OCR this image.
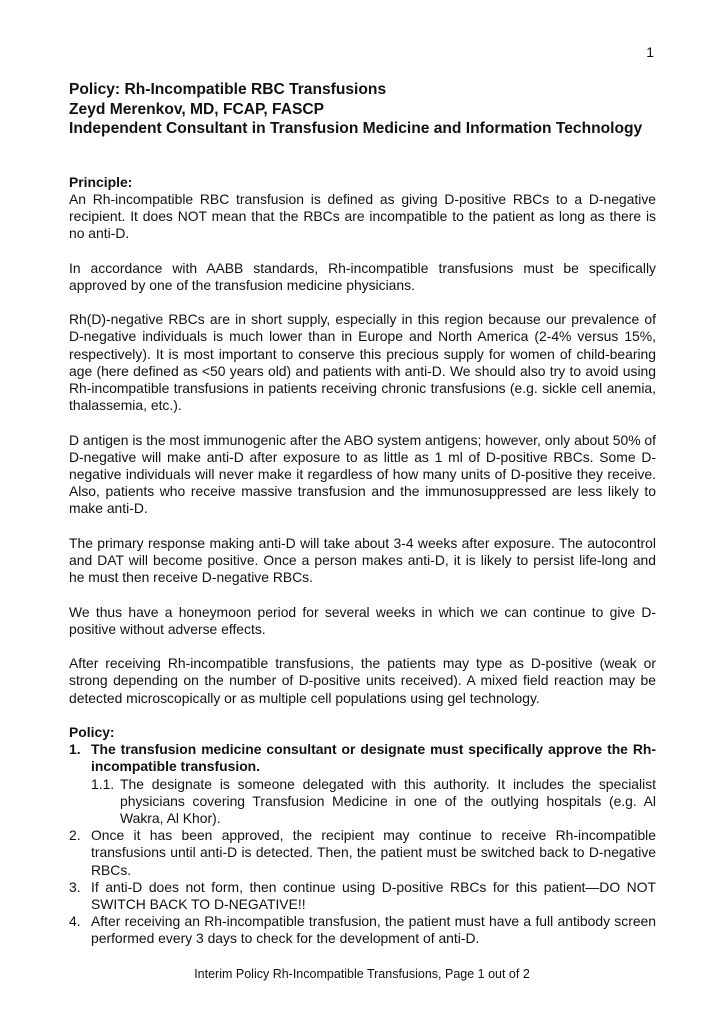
1
Policy: Rh-Incompatible RBC Transfusions
Zeyd Merenkov, MD, FCAP, FASCP
Independent Consultant in Transfusion Medicine and Information Technology
Principle:

An Rh-incompatible RBC transfusion is defined as giving D-positive RBCs to a D-negative recipient. It does NOT mean that the RBCs are incompatible to the patient as long as there is no anti-D.

In accordance with AABB standards, Rh-incompatible transfusions must be specifically approved by one of the transfusion medicine physicians.

Rh(D)-negative RBCs are in short supply, especially in this region because our prevalence of D-negative individuals is much lower than in Europe and North America (2-4% versus 15%, respectively). It is most important to conserve this precious supply for women of child-bearing age (here defined as <50 years old) and patients with anti-D. We should also try to avoid using Rh-incompatible transfusions in patients receiving chronic transfusions (e.g. sickle cell anemia, thalassemia, etc.).

D antigen is the most immunogenic after the ABO system antigens; however, only about 50% of D-negative will make anti-D after exposure to as little as 1 ml of D-positive RBCs. Some D-negative individuals will never make it regardless of how many units of D-positive they receive. Also, patients who receive massive transfusion and the immunosuppressed are less likely to make anti-D.

The primary response making anti-D will take about 3-4 weeks after exposure. The autocontrol and DAT will become positive. Once a person makes anti-D, it is likely to persist life-long and he must then receive D-negative RBCs.

We thus have a honeymoon period for several weeks in which we can continue to give D-positive without adverse effects.

After receiving Rh-incompatible transfusions, the patients may type as D-positive (weak or strong depending on the number of D-positive units received). A mixed field reaction may be detected microscopically or as multiple cell populations using gel technology.

Policy:
1. The transfusion medicine consultant or designate must specifically approve the Rh-incompatible transfusion.
1.1. The designate is someone delegated with this authority. It includes the specialist physicians covering Transfusion Medicine in one of the outlying hospitals (e.g. Al Wakra, Al Khor).
2. Once it has been approved, the recipient may continue to receive Rh-incompatible transfusions until anti-D is detected. Then, the patient must be switched back to D-negative RBCs.
3. If anti-D does not form, then continue using D-positive RBCs for this patient—DO NOT SWITCH BACK TO D-NEGATIVE!!
4. After receiving an Rh-incompatible transfusion, the patient must have a full antibody screen performed every 3 days to check for the development of anti-D.
Interim Policy Rh-Incompatible Transfusions, Page 1 out of 2
